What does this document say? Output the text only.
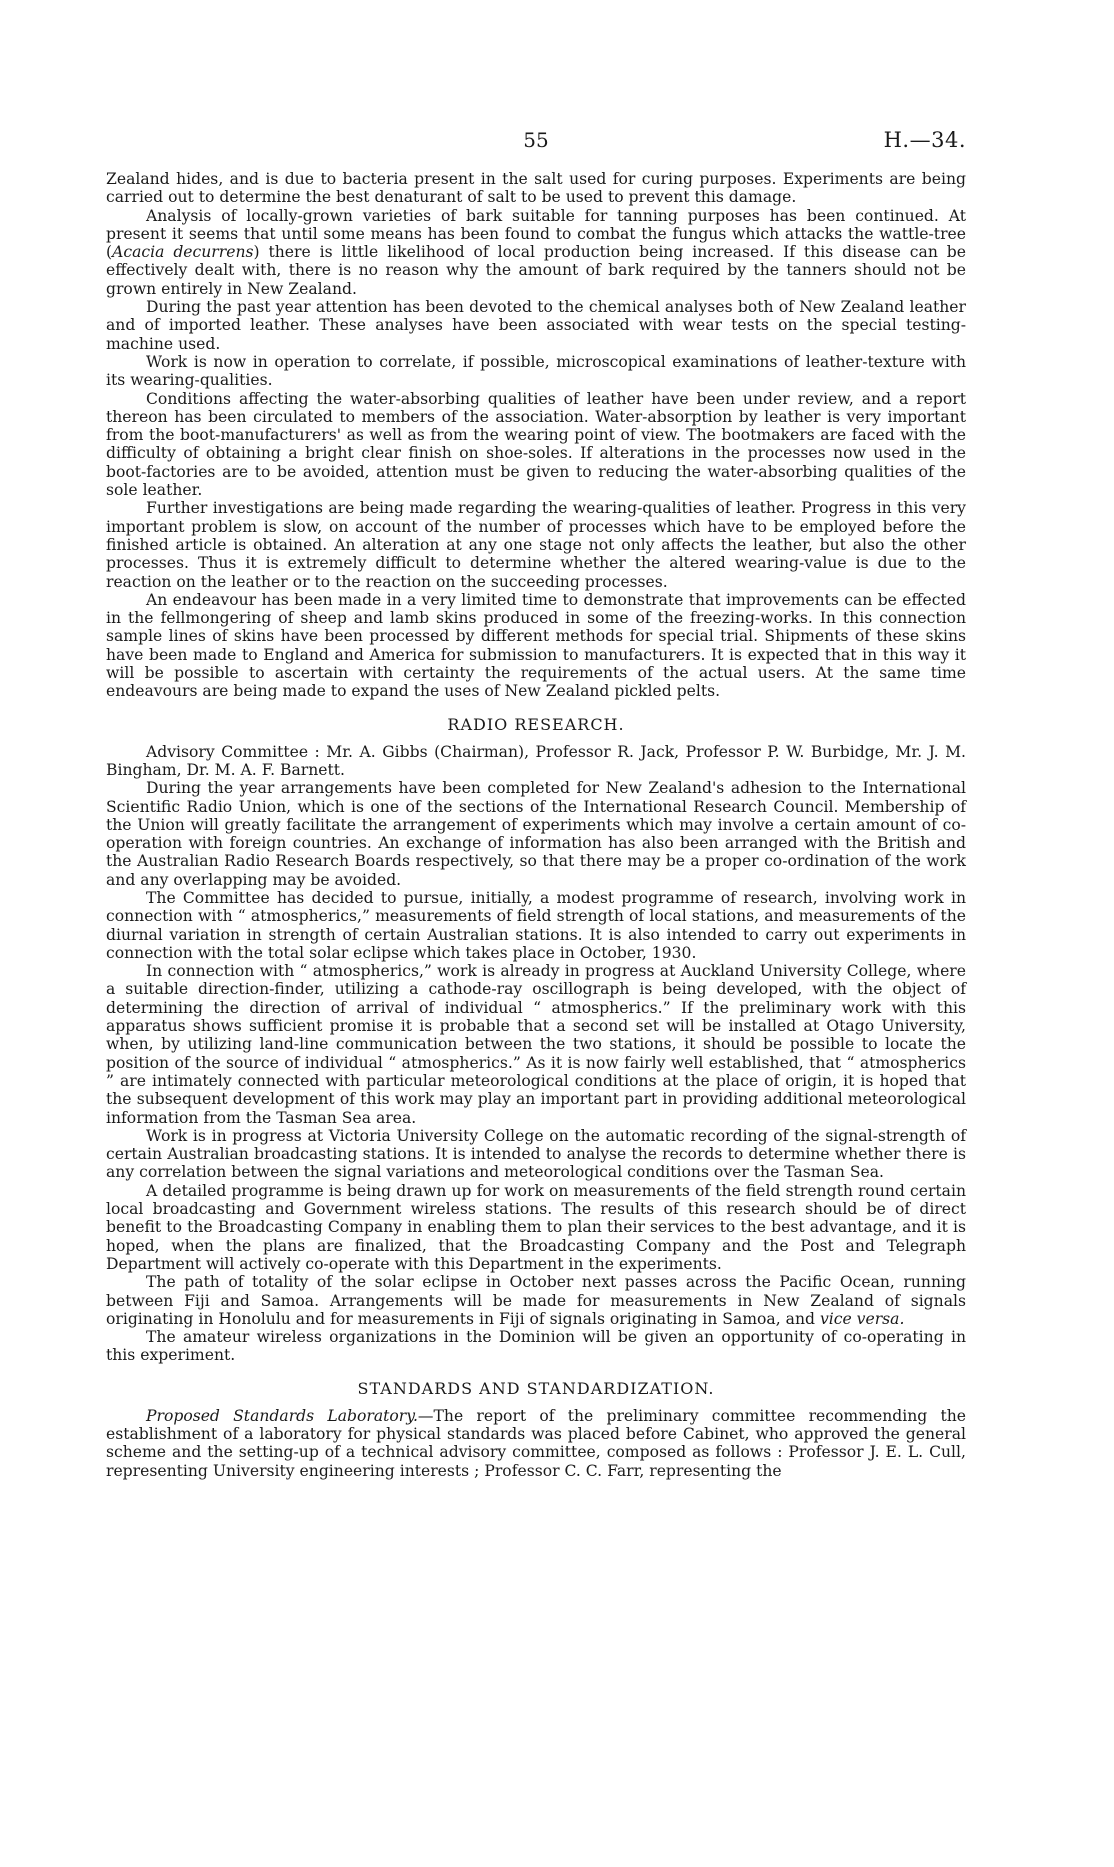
55	H.—34.

Zealand hides, and is due to bacteria present in the salt used for curing purposes. Experiments are being carried out to determine the best denaturant of salt to be used to prevent this damage.

Analysis of locally-grown varieties of bark suitable for tanning purposes has been continued. At present it seems that until some means has been found to combat the fungus which attacks the wattle-tree (Acacia decurrens) there is little likelihood of local production being increased. If this disease can be effectively dealt with, there is no reason why the amount of bark required by the tanners should not be grown entirely in New Zealand.

During the past year attention has been devoted to the chemical analyses both of New Zealand leather and of imported leather. These analyses have been associated with wear tests on the special testing-machine used.

Work is now in operation to correlate, if possible, microscopical examinations of leather-texture with its wearing-qualities.

Conditions affecting the water-absorbing qualities of leather have been under review, and a report thereon has been circulated to members of the association. Water-absorption by leather is very important from the boot-manufacturers' as well as from the wearing point of view. The bootmakers are faced with the difficulty of obtaining a bright clear finish on shoe-soles. If alterations in the processes now used in the boot-factories are to be avoided, attention must be given to reducing the water-absorbing qualities of the sole leather.

Further investigations are being made regarding the wearing-qualities of leather. Progress in this very important problem is slow, on account of the number of processes which have to be employed before the finished article is obtained. An alteration at any one stage not only affects the leather, but also the other processes. Thus it is extremely difficult to determine whether the altered wearing-value is due to the reaction on the leather or to the reaction on the succeeding processes.

An endeavour has been made in a very limited time to demonstrate that improvements can be effected in the fellmongering of sheep and lamb skins produced in some of the freezing-works. In this connection sample lines of skins have been processed by different methods for special trial. Shipments of these skins have been made to England and America for submission to manufacturers. It is expected that in this way it will be possible to ascertain with certainty the requirements of the actual users. At the same time endeavours are being made to expand the uses of New Zealand pickled pelts.

RADIO RESEARCH.

Advisory Committee : Mr. A. Gibbs (Chairman), Professor R. Jack, Professor P. W. Burbidge, Mr. J. M. Bingham, Dr. M. A. F. Barnett.

During the year arrangements have been completed for New Zealand's adhesion to the International Scientific Radio Union, which is one of the sections of the International Research Council. Membership of the Union will greatly facilitate the arrangement of experiments which may involve a certain amount of co-operation with foreign countries. An exchange of information has also been arranged with the British and the Australian Radio Research Boards respectively, so that there may be a proper co-ordination of the work and any overlapping may be avoided.

The Committee has decided to pursue, initially, a modest programme of research, involving work in connection with “ atmospherics,” measurements of field strength of local stations, and measurements of the diurnal variation in strength of certain Australian stations. It is also intended to carry out experiments in connection with the total solar eclipse which takes place in October, 1930.

In connection with “ atmospherics,” work is already in progress at Auckland University College, where a suitable direction-finder, utilizing a cathode-ray oscillograph is being developed, with the object of determining the direction of arrival of individual “ atmospherics.” If the preliminary work with this apparatus shows sufficient promise it is probable that a second set will be installed at Otago University, when, by utilizing land-line communication between the two stations, it should be possible to locate the position of the source of individual “ atmospherics.” As it is now fairly well established, that “ atmospherics ” are intimately connected with particular meteorological conditions at the place of origin, it is hoped that the subsequent development of this work may play an important part in providing additional meteorological information from the Tasman Sea area.

Work is in progress at Victoria University College on the automatic recording of the signal-strength of certain Australian broadcasting stations. It is intended to analyse the records to determine whether there is any correlation between the signal variations and meteorological conditions over the Tasman Sea.

A detailed programme is being drawn up for work on measurements of the field strength round certain local broadcasting and Government wireless stations. The results of this research should be of direct benefit to the Broadcasting Company in enabling them to plan their services to the best advantage, and it is hoped, when the plans are finalized, that the Broadcasting Company and the Post and Telegraph Department will actively co-operate with this Department in the experiments.

The path of totality of the solar eclipse in October next passes across the Pacific Ocean, running between Fiji and Samoa. Arrangements will be made for measurements in New Zealand of signals originating in Honolulu and for measurements in Fiji of signals originating in Samoa, and vice versa.

The amateur wireless organizations in the Dominion will be given an opportunity of co-operating in this experiment.

STANDARDS AND STANDARDIZATION.

Proposed Standards Laboratory.—The report of the preliminary committee recommending the establishment of a laboratory for physical standards was placed before Cabinet, who approved the general scheme and the setting-up of a technical advisory committee, composed as follows : Professor J. E. L. Cull, representing University engineering interests ; Professor C. C. Farr, representing the
